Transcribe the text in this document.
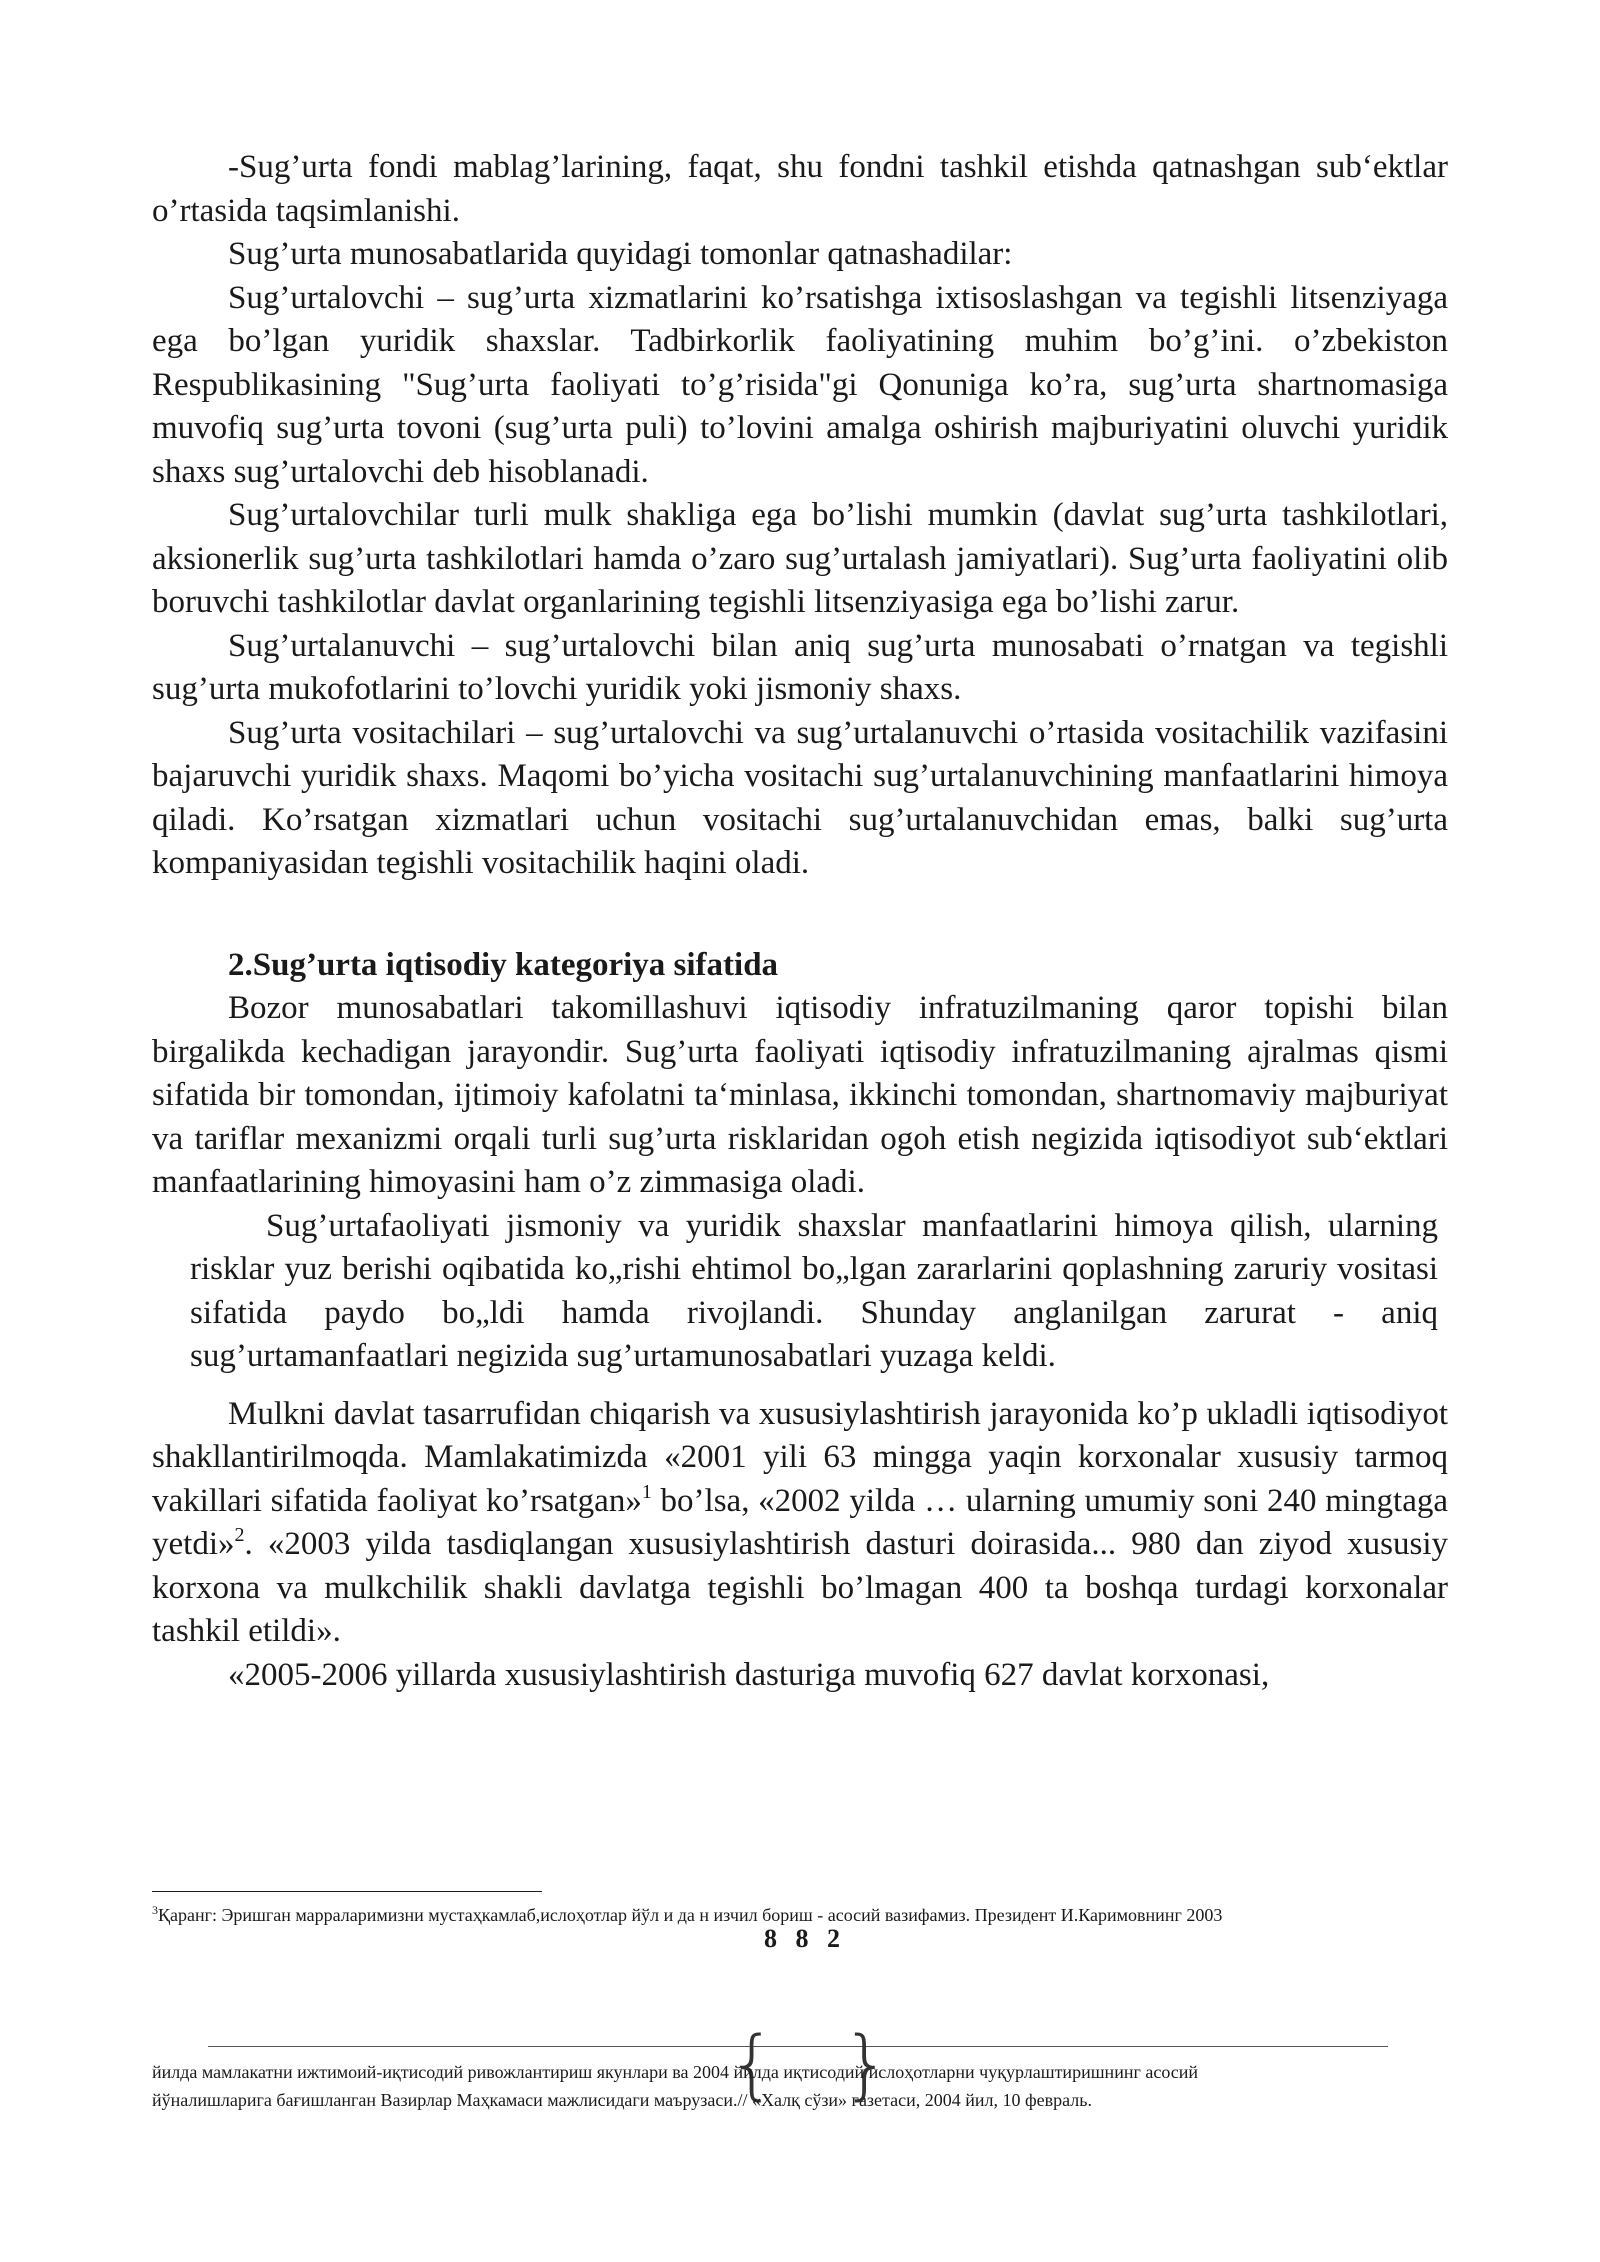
-Sug’urta fondi mablag’larining, faqat, shu fondni tashkil etishda qatnashgan sub‘ektlar o’rtasida taqsimlanishi.

Sug’urta munosabatlarida quyidagi tomonlar qatnashadilar:

Sug’urtalovchi – sug’urta xizmatlarini ko’rsatishga ixtisoslashgan va tegishli litsenziyaga ega bo’lgan yuridik shaxslar. Tadbirkorlik faoliyatining muhim bo’g’ini. o’zbekiston Respublikasining "Sug’urta faoliyati to’g’risida"gi Qonuniga ko’ra, sug’urta shartnomasiga muvofiq sug’urta tovoni (sug’urta puli) to’lovini amalga oshirish majburiyatini oluvchi yuridik shaxs sug’urtalovchi deb hisoblanadi.

Sug’urtalovchilar turli mulk shakliga ega bo’lishi mumkin (davlat sug’urta tashkilotlari, aksionerlik sug’urta tashkilotlari hamda o’zaro sug’urtalash jamiyatlari). Sug’urta faoliyatini olib boruvchi tashkilotlar davlat organlarining tegishli litsenziyasiga ega bo’lishi zarur.

Sug’urtalanuvchi – sug’urtalovchi bilan aniq sug’urta munosabati o’rnatgan va tegishli sug’urta mukofotlarini to’lovchi yuridik yoki jismoniy shaxs.

Sug’urta vositachilari – sug’urtalovchi va sug’urtalanuvchi o’rtasida vositachilik vazifasini bajaruvchi yuridik shaxs. Maqomi bo’yicha vositachi sug’urtalanuvchining manfaatlarini himoya qiladi. Ko’rsatgan xizmatlari uchun vositachi sug’urtalanuvchidan emas, balki sug’urta kompaniyasidan tegishli vositachilik haqini oladi.

2.Sug’urta iqtisodiy kategoriya sifatida

Bozor munosabatlari takomillashuvi iqtisodiy infratuzilmaning qaror topishi bilan birgalikda kechadigan jarayondir. Sug’urta faoliyati iqtisodiy infratuzilmaning ajralmas qismi sifatida bir tomondan, ijtimoiy kafolatni ta‘minlasa, ikkinchi tomondan, shartnomaviy majburiyat va tariflar mexanizmi orqali turli sug’urta risklaridan ogoh etish negizida iqtisodiyot sub‘ektlari manfaatlarining himoyasini ham o’z zimmasiga oladi.

Sug’urtafaoliyati jismoniy va yuridik shaxslar manfaatlarini himoya qilish, ularning risklar yuz berishi oqibatida ko„rishi ehtimol bo„lgan zararlarini qoplashning zaruriy vositasi sifatida paydo bo„ldi hamda rivojlandi. Shunday anglanilgan zarurat - aniq sug’urtamanfaatlari negizida sug’urtamunosabatlari yuzaga keldi.

Mulkni davlat tasarrufidan chiqarish va xususiylashtirish jarayonida ko’p ukladli iqtisodiyot shakllantirilmoqda. Mamlakatimizda «2001 yili 63 mingga yaqin korxonalar xususiy tarmoq vakillari sifatida faoliyat ko’rsatgan»$^1$ bo’lsa, «2002 yilda … ularning umumiy soni 240 mingtaga yetdi»$^2$. «2003 yilda tasdiqlangan xususiylashtirish dasturi doirasida... 980 dan ziyod xususiy korxona va mulkchilik shakli davlatga tegishli bo’lmagan 400 ta boshqa turdagi korxonalar tashkil etildi».

«2005-2006 yillarda xususiylashtirish dasturiga muvofiq 627 davlat korxonasi,

$^3$Қаранг: Эришган марраларимизни мустаҳкамлаб,ислоҳотлар йўл и да н изчил бориш - асосий вазифамиз. Президент И.Каримовнинг 2003
8 8 2
{ }
йилда мамлакатни ижтимоий-иқтисодий ривожлантириш якунлари ва 2004 йилда иқтисодий ислоҳотларни чуқурлаштиришнинг асосий
йўналишларига бағишланган Вазирлар Маҳкамаси мажлисидаги маърузаси.// «Халқ сўзи» газетаси, 2004 йил, 10 февраль.
